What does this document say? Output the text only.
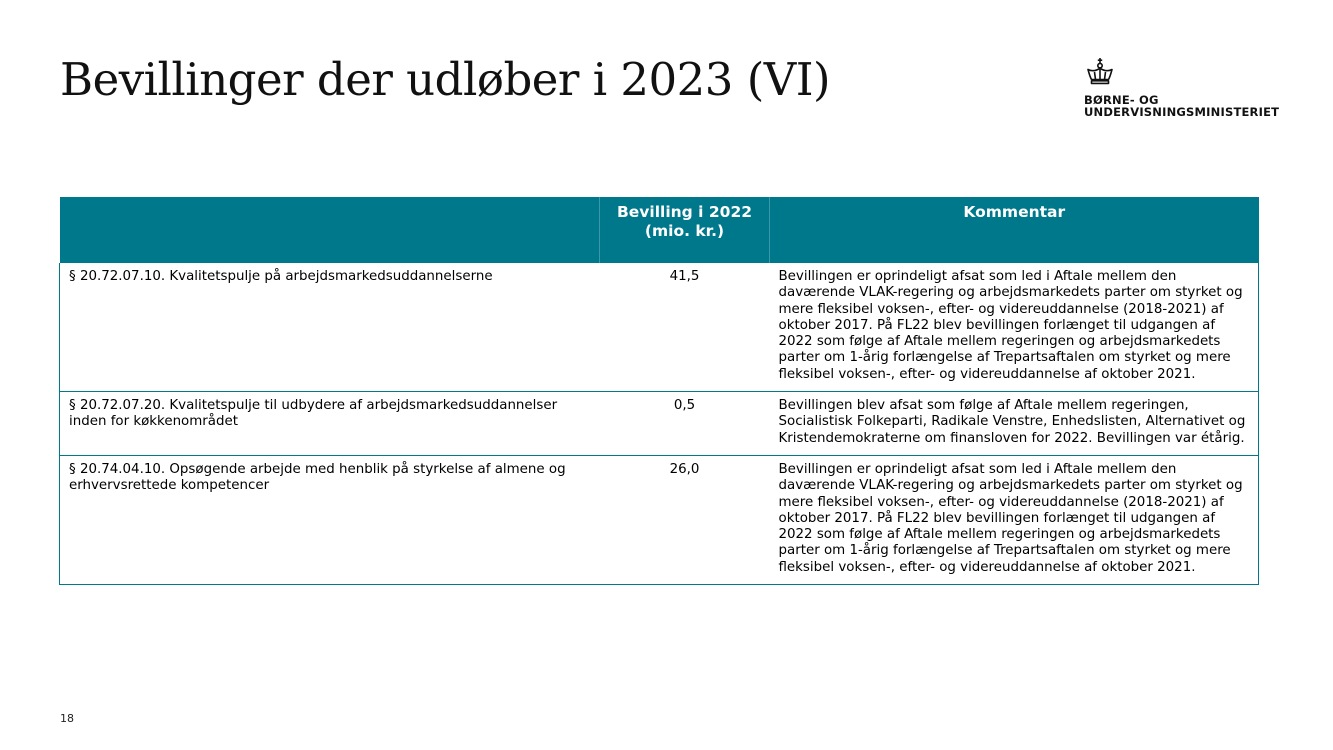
Bevillinger der udløber i 2023 (VI)	BØRNE- OG
UNDERVISNINGSMINISTERIET
	Bevilling i 2022 (mio. kr.)	Kommentar
§ 20.72.07.10. Kvalitetspulje på arbejdsmarkedsuddannelserne	41,5	Bevillingen er oprindeligt afsat som led i Aftale mellem den daværende VLAK-regering og arbejdsmarkedets parter om styrket og mere fleksibel voksen-, efter- og videreuddannelse (2018-2021) af oktober 2017. På FL22 blev bevillingen forlænget til udgangen af 2022 som følge af Aftale mellem regeringen og arbejdsmarkedets parter om 1-årig forlængelse af Trepartsaftalen om styrket og mere fleksibel voksen-, efter- og videreuddannelse af oktober 2021.
§ 20.72.07.20. Kvalitetspulje til udbydere af arbejdsmarkedsuddannelser inden for køkkenområdet	0,5	Bevillingen blev afsat som følge af Aftale mellem regeringen, Socialistisk Folkeparti, Radikale Venstre, Enhedslisten, Alternativet og Kristendemokraterne om finansloven for 2022. Bevillingen var étårig.
§ 20.74.04.10. Opsøgende arbejde med henblik på styrkelse af almene og erhvervsrettede kompetencer	26,0	Bevillingen er oprindeligt afsat som led i Aftale mellem den daværende VLAK-regering og arbejdsmarkedets parter om styrket og mere fleksibel voksen-, efter- og videreuddannelse (2018-2021) af oktober 2017. På FL22 blev bevillingen forlænget til udgangen af 2022 som følge af Aftale mellem regeringen og arbejdsmarkedets parter om 1-årig forlængelse af Trepartsaftalen om styrket og mere fleksibel voksen-, efter- og videreuddannelse af oktober 2021.
18
